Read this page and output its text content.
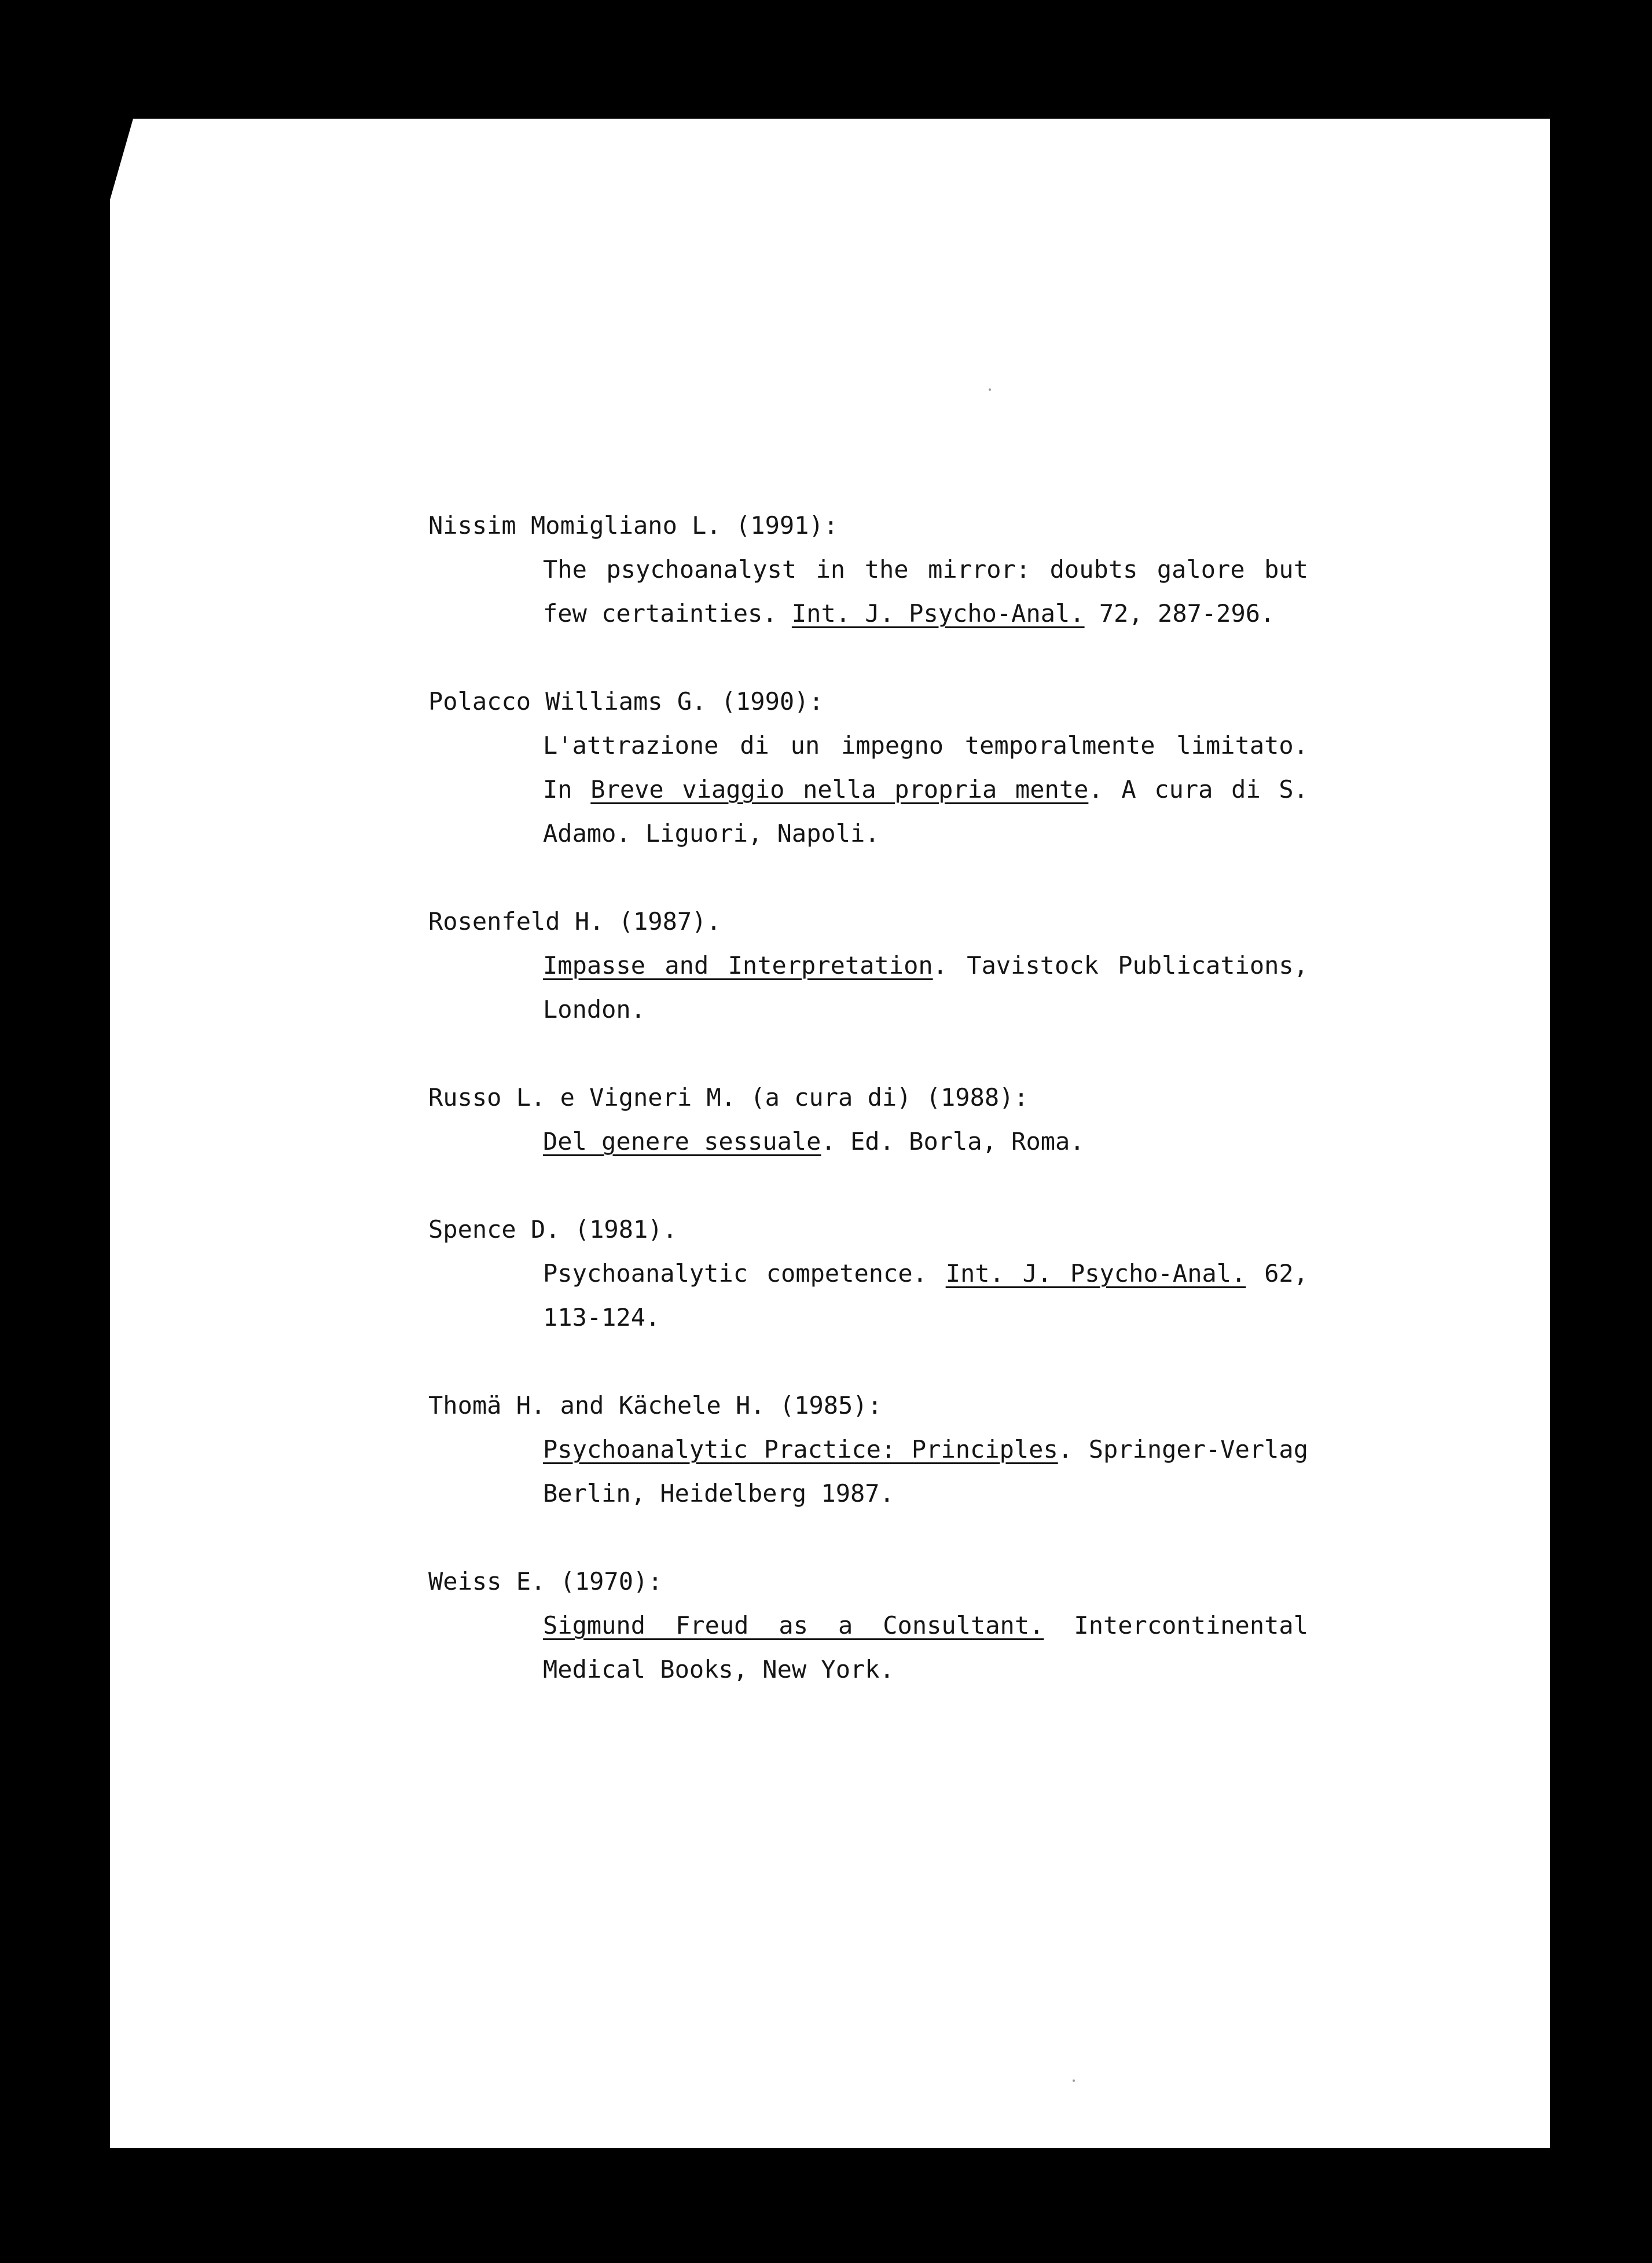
Nissim Momigliano L. (1991):
The psychoanalyst in the mirror: doubts galore but few certainties. Int. J. Psycho-Anal. 72, 287-296.
Polacco Williams G. (1990):
L'attrazione di un impegno temporalmente limitato. In Breve viaggio nella propria mente. A cura di S. Adamo. Liguori, Napoli.
Rosenfeld H. (1987).
Impasse and Interpretation. Tavistock Publications, London.
Russo L. e Vigneri M. (a cura di) (1988):
Del genere sessuale. Ed. Borla, Roma.
Spence D. (1981).
Psychoanalytic competence. Int. J. Psycho-Anal. 62, 113-124.
Thomä H. and Kächele H. (1985):
Psychoanalytic Practice: Principles. Springer-Verlag Berlin, Heidelberg 1987.
Weiss E. (1970):
Sigmund Freud as a Consultant. Intercontinental Medical Books, New York.
